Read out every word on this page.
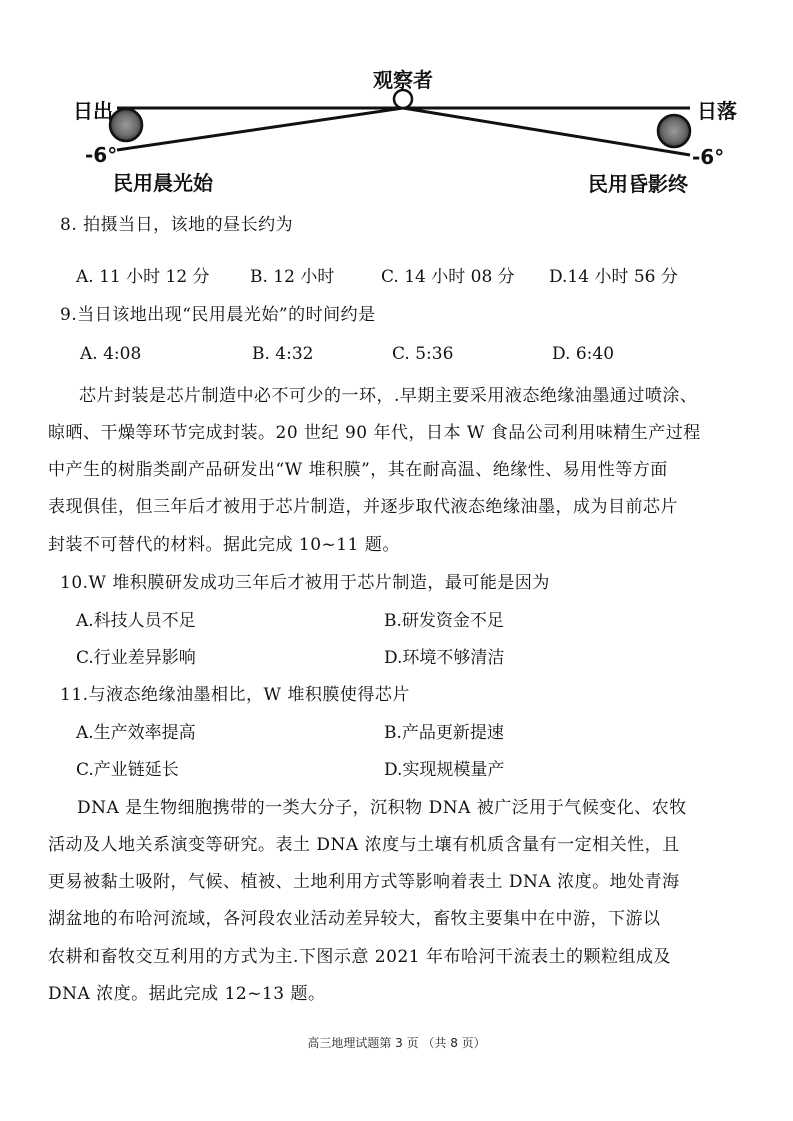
观察者
日出	日落
-6°	-6°
民用晨光始	民用昏影终
8. 拍摄当日，该地的昼长约为
A. 11 小时 12 分 B. 12 小时	C. 14 小时 08 分 D.14 小时 56 分
9.当日该地出现“民用晨光始”的时间约是
A. 4:08	B. 4:32	C. 5:36	D. 6:40
芯片封装是芯片制造中必不可少的一环，.早期主要采用液态绝缘油墨通过喷涂、
晾晒、干燥等环节完成封装。20 世纪 90 年代，日本 W 食品公司利用味精生产过程
中产生的树脂类副产品研发出“W 堆积膜”，其在耐高温、绝缘性、易用性等方面
表现俱佳，但三年后才被用于芯片制造，并逐步取代液态绝缘油墨，成为目前芯片
封装不可替代的材料。据此完成 10~11 题。
10.W 堆积膜研发成功三年后才被用于芯片制造，最可能是因为
A.科技人员不足	B.研发资金不足
C.行业差异影响	D.环境不够清洁
11.与液态绝缘油墨相比，W 堆积膜使得芯片
A.生产效率提高	B.产品更新提速
C.产业链延长	D.实现规模量产
DNA 是生物细胞携带的一类大分子，沉积物 DNA 被广泛用于气候变化、农牧
活动及人地关系演变等研究。表土 DNA 浓度与土壤有机质含量有一定相关性，且
更易被黏土吸附，气候、植被、土地利用方式等影响着表土 DNA 浓度。地处青海
湖盆地的布哈河流域，各河段农业活动差异较大，畜牧主要集中在中游，下游以
农耕和畜牧交互利用的方式为主.下图示意 2021 年布哈河干流表土的颗粒组成及
DNA 浓度。据此完成 12~13 题。
高三地理试题第 3 页 （共 8 页）
